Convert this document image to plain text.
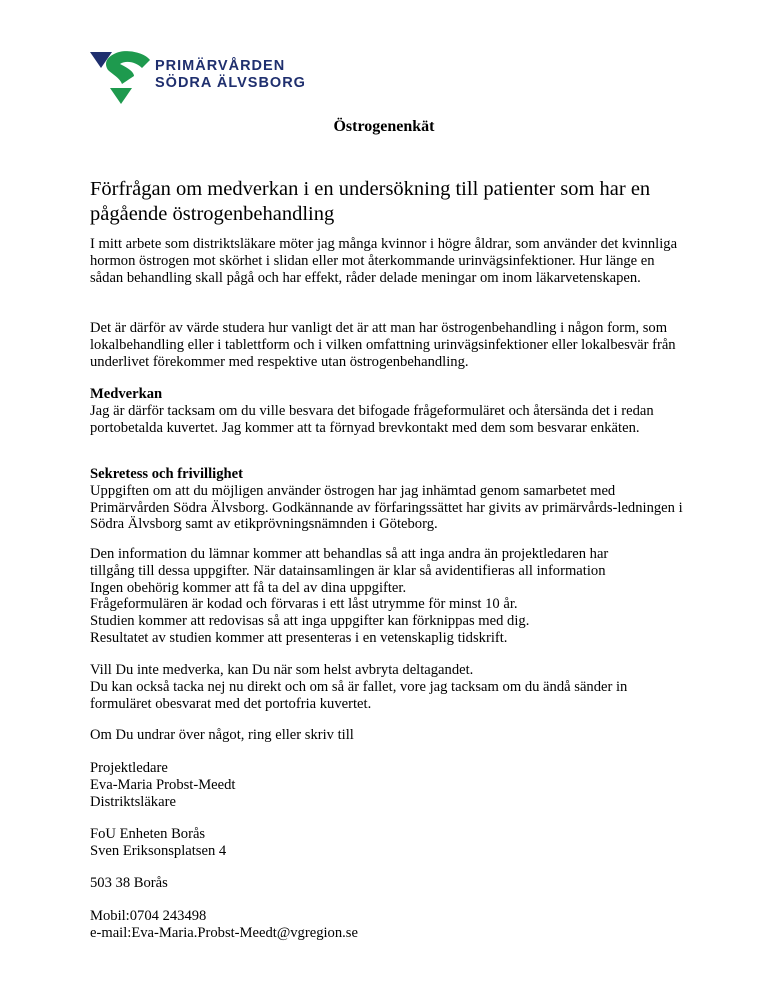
PRIMÄRVÅRDEN
SÖDRA ÄLVSBORG
Östrogenenkät
Förfrågan om medverkan i en undersökning till patienter som har en pågående östrogenbehandling

I mitt arbete som distriktsläkare möter jag många kvinnor i högre åldrar, som använder det kvinnliga hormon östrogen mot skörhet i slidan eller mot återkommande urinvägsinfektioner. Hur länge en sådan behandling skall pågå och har effekt, råder delade meningar om inom läkarvetenskapen.

Det är därför av värde studera hur vanligt det är att man har östrogenbehandling i någon form, som lokalbehandling eller i tablettform och i vilken omfattning urinvägsinfektioner eller lokalbesvär från underlivet förekommer med respektive utan östrogenbehandling.

Medverkan

Jag är därför tacksam om du ville besvara det bifogade frågeformuläret och återsända det i redan portobetalda kuvertet. Jag kommer att ta förnyad brevkontakt med dem som besvarar enkäten.

Sekretess och frivillighet

Uppgiften om att du möjligen använder östrogen har jag inhämtad genom samarbetet med Primärvården Södra Älvsborg. Godkännande av förfaringssättet har givits av primärvårds-ledningen i Södra Älvsborg samt av etikprövningsnämnden i Göteborg.

Den information du lämnar kommer att behandlas så att inga andra än projektledaren har

tillgång till dessa uppgifter. När datainsamlingen är klar så avidentifieras all information

Ingen obehörig kommer att få ta del av dina uppgifter.

Frågeformulären är kodad och förvaras i ett låst utrymme för minst 10 år.

Studien kommer att redovisas så att inga uppgifter kan förknippas med dig.

Resultatet av studien kommer att presenteras i en vetenskaplig tidskrift.

Vill Du inte medverka, kan Du när som helst avbryta deltagandet.

Du kan också tacka nej nu direkt och om så är fallet, vore jag tacksam om du ändå sänder in formuläret obesvarat med det portofria kuvertet.

Om Du undrar över något, ring eller skriv till

Projektledare

Eva-Maria Probst-Meedt

Distriktsläkare

FoU Enheten Borås

Sven Eriksonsplatsen 4

503 38 Borås

Mobil:0704 243498

e-mail:Eva-Maria.Probst-Meedt@vgregion.se
